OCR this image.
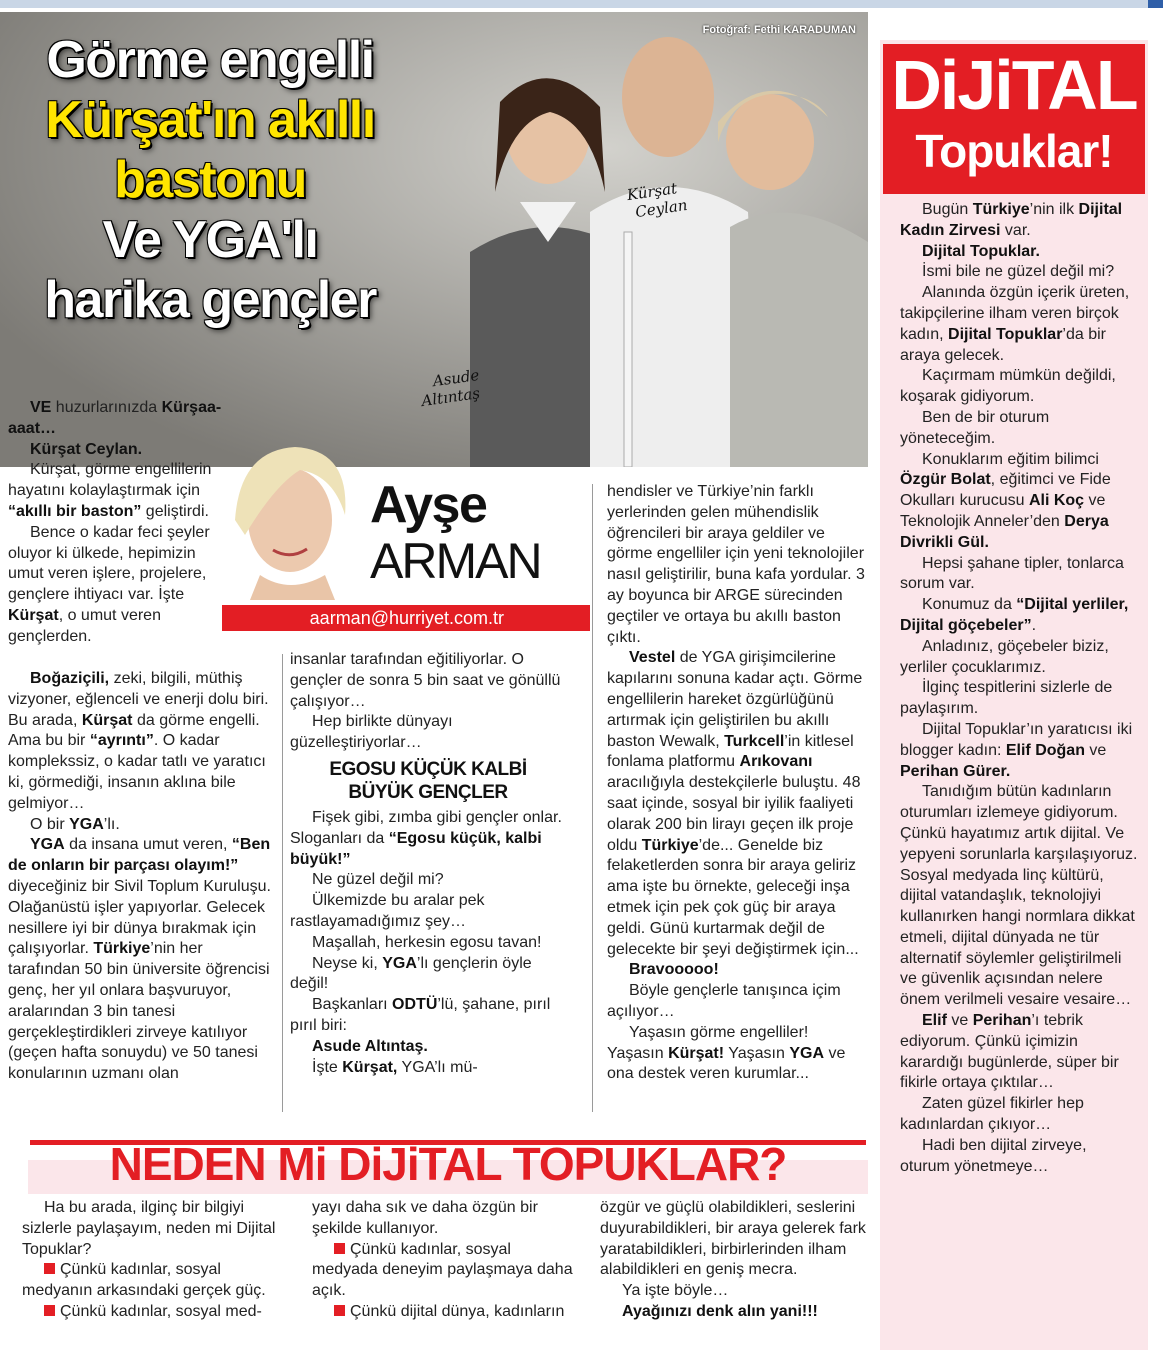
Fotoğraf: Fethi KARADUMAN
Görme engelli
Kürşat'ın akıllı
bastonu
Ve YGA'lı
harika gençler
Kürşat
Ceylan
Asude
Altıntaş
DiJiTAL
Topuklar!

Bugün Türkiye’nin ilk Dijital Kadın Zirvesi var.

Dijital Topuklar.

İsmi bile ne güzel değil mi?

Alanında özgün içerik üreten, takipçilerine ilham veren birçok kadın, Dijital Topuklar’da bir araya gelecek.

Kaçırmam mümkün değildi, koşarak gidiyorum.

Ben de bir oturum yöneteceğim.

Konuklarım eğitim bilimci Özgür Bolat, eğitimci ve Fide Okulları kurucusu Ali Koç ve Teknolojik Anneler’den Derya Divrikli Gül.

Hepsi şahane tipler, tonlarca sorum var.

Konumuz da “Dijital yerliler, Dijital göçebeler”.

Anladınız, göçebeler biziz, yerliler çocuklarımız.

İlginç tespitlerini sizlerle de paylaşırım.

Dijital Topuklar’ın yaratıcısı iki blogger kadın: Elif Doğan ve Perihan Gürer.

Tanıdığım bütün kadınların oturumları izlemeye gidiyorum. Çünkü hayatımız artık dijital. Ve yepyeni sorunlarla karşılaşıyoruz. Sosyal medyada linç kültürü, dijital vatandaşlık, teknolojiyi kullanırken hangi normlara dikkat etmeli, dijital dünyada ne tür alternatif söylemler geliştirilmeli ve güvenlik açısından nelere önem verilmeli vesaire vesaire…

Elif ve Perihan’ı tebrik ediyorum. Çünkü içimizin karardığı bugünlerde, süper bir fikirle ortaya çıktılar…

Zaten güzel fikirler hep kadınlardan çıkıyor…

Hadi ben dijital zirveye, oturum yönetmeye…

Ayşe
ARMAN
aarman@hurriyet.com.tr

VE huzurlarınızda Kürşaaaaat…

Kürşat Ceylan.

Kürşat, görme engellilerin hayatını kolaylaştırmak için “akıllı bir baston” geliştirdi.

Bence o kadar feci şeyler oluyor ki ülkede, hepimizin umut veren işlere, projelere, gençlere ihtiyacı var. İşte Kürşat, o umut veren gençlerden.

Boğaziçili, zeki, bilgili, müthiş vizyoner, eğlenceli ve enerji dolu biri. Bu arada, Kürşat da görme engelli. Ama bu bir “ayrıntı”. O kadar komplekssiz, o kadar tatlı ve yaratıcı ki, görmediği, insanın aklına bile gelmiyor…

O bir YGA’lı.

YGA da insana umut veren, “Ben de onların bir parçası olayım!” diyeceğiniz bir Sivil Toplum Kuruluşu. Olağanüstü işler yapıyorlar. Gelecek nesillere iyi bir dünya bırakmak için çalışıyorlar. Türkiye’nin her tarafından 50 bin üniversite öğrencisi genç, her yıl onlara başvuruyor, aralarından 3 bin tanesi gerçekleştirdikleri zirveye katılıyor (geçen hafta sonuydu) ve 50 tanesi konularının uzmanı olan

insanlar tarafından eğitiliyorlar. O gençler de sonra 5 bin saat ve gönüllü çalışıyor…

Hep birlikte dünyayı güzelleştiriyorlar…

EGOSU KÜÇÜK KALBİ
BÜYÜK GENÇLER

Fişek gibi, zımba gibi gençler onlar. Sloganları da “Egosu küçük, kalbi büyük!”

Ne güzel değil mi?

Ülkemizde bu aralar pek rastlayamadığımız şey…

Maşallah, herkesin egosu tavan!

Neyse ki, YGA’lı gençlerin öyle değil!

Başkanları ODTÜ’lü, şahane, pırıl pırıl biri:

Asude Altıntaş.

İşte Kürşat, YGA’lı mü-

hendisler ve Türkiye’nin farklı yerlerinden gelen mühendislik öğrencileri bir araya geldiler ve görme engelliler için yeni teknolojiler nasıl geliştirilir, buna kafa yordular. 3 ay boyunca bir ARGE sürecinden geçtiler ve ortaya bu akıllı baston çıktı.

Vestel de YGA girişimcilerine kapılarını sonuna kadar açtı. Görme engellilerin hareket özgürlüğünü artırmak için geliştirilen bu akıllı baston Wewalk, Turkcell’in kitlesel fonlama platformu Arıkovanı aracılığıyla destekçilerle buluştu. 48 saat içinde, sosyal bir iyilik faaliyeti olarak 200 bin lirayı geçen ilk proje oldu Türkiye’de... Genelde biz felaketlerden sonra bir araya geliriz ama işte bu örnekte, geleceği inşa etmek için pek çok güç bir araya geldi. Günü kurtarmak değil de gelecekte bir şeyi değiştirmek için...

Bravooooo!

Böyle gençlerle tanışınca içim açılıyor…

Yaşasın görme engelliler! Yaşasın Kürşat! Yaşasın YGA ve ona destek veren kurumlar...

NEDEN Mi DiJiTAL TOPUKLAR?

Ha bu arada, ilginç bir bilgiyi sizlerle paylaşayım, neden mi Dijital Topuklar?

Çünkü kadınlar, sosyal medyanın arkasındaki gerçek güç.

Çünkü kadınlar, sosyal med-

yayı daha sık ve daha özgün bir şekilde kullanıyor.

Çünkü kadınlar, sosyal medyada deneyim paylaşmaya daha açık.

Çünkü dijital dünya, kadınların

özgür ve güçlü olabildikleri, seslerini duyurabildikleri, bir araya gelerek fark yaratabildikleri, birbirlerinden ilham alabildikleri en geniş mecra.

Ya işte böyle…

Ayağınızı denk alın yani!!!
